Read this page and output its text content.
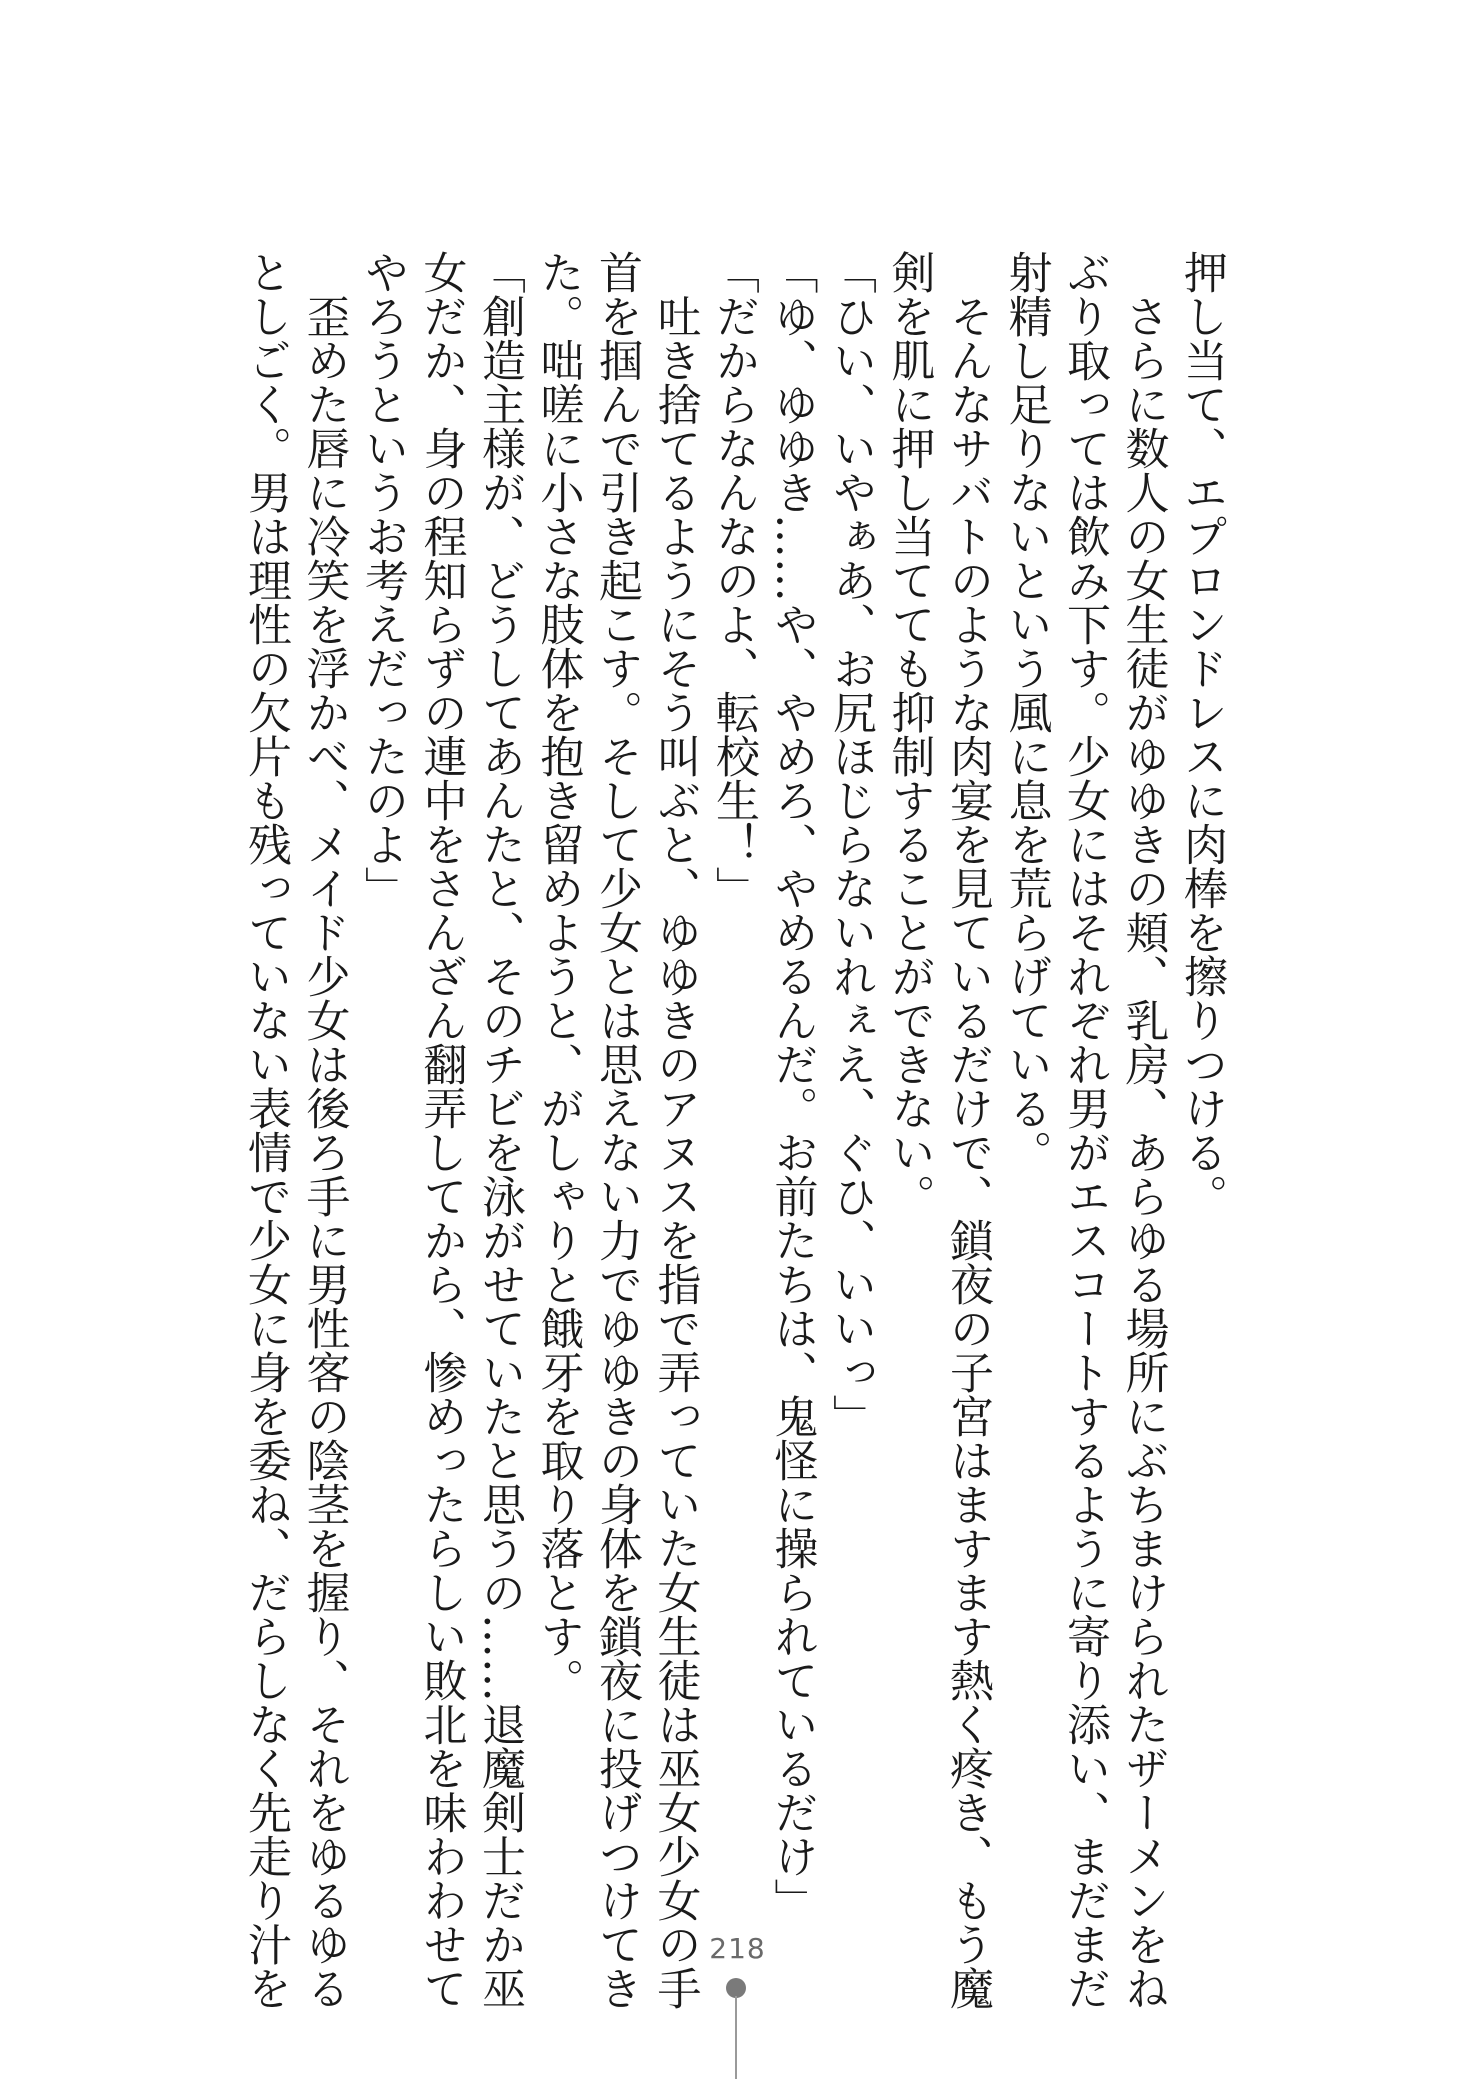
押し当て、エプロンドレスに肉棒を擦りつける。

　さらに数人の女生徒がゆゆきの頬、乳房、あらゆる場所にぶちまけられたザーメンをね

ぶり取っては飲み下す。少女にはそれぞれ男がエスコートするように寄り添い、まだまだ

射精し足りないという風に息を荒らげている。

　そんなサバトのような肉宴を見ているだけで、鎖夜の子宮はますます熱く疼き、もう魔

剣を肌に押し当てても抑制することができない。

「ひい、いやぁあ、お尻ほじらないれぇえ、ぐひ、いいっ」

「ゆ、ゆゆき……や、やめろ、やめるんだ。お前たちは、鬼怪に操られているだけ」

「だからなんなのよ、転校生！」

　吐き捨てるようにそう叫ぶと、ゆゆきのアヌスを指で弄っていた女生徒は巫女少女の手

首を掴んで引き起こす。そして少女とは思えない力でゆゆきの身体を鎖夜に投げつけてき

た。咄嗟に小さな肢体を抱き留めようと、がしゃりと餓牙を取り落とす。

「創造主様が、どうしてあんたと、そのチビを泳がせていたと思うの……退魔剣士だか巫

女だか、身の程知らずの連中をさんざん翻弄してから、惨めったらしい敗北を味わわせて

やろうというお考えだったのよ」

　歪めた唇に冷笑を浮かべ、メイド少女は後ろ手に男性客の陰茎を握り、それをゆるゆる

としごく。男は理性の欠片も残っていない表情で少女に身を委ね、だらしなく先走り汁を	218
